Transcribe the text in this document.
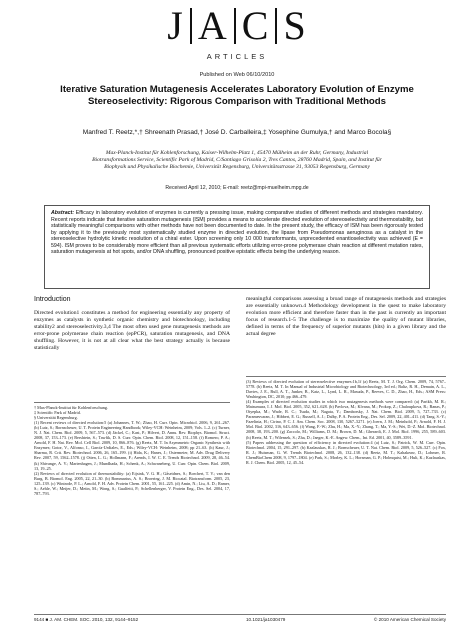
J A C S
ARTICLES
Published on Web 06/10/2010
Iterative Saturation Mutagenesis Accelerates Laboratory Evolution of Enzyme Stereoselectivity: Rigorous Comparison with Traditional Methods
Manfred T. Reetz,*,† Shreenath Prasad,† José D. Carballeira,‡ Yosephine Gumulya,† and Marco Bocola§
Max-Planck-Institut für Kohlenforschung, Kaiser-Wilhelm-Platz 1, 45470 Mülheim an der Ruhr, Germany, Industrial Biotransformations Service, Scientific Park of Madrid, C/Santiago Grisolía 2, Tres Cantos, 28760 Madrid, Spain, and Institut für Biophysik und Physikalische Biochemie, Universität Regensburg, Universitätsstrasse 31, 93053 Regensburg, Germany
Received April 12, 2010; E-mail: reetz@mpi-muelheim.mpg.de
Abstract: Efficacy in laboratory evolution of enzymes is currently a pressing issue, making comparative studies of different methods and strategies mandatory. Recent reports indicate that iterative saturation mutagenesis (ISM) provides a means to accelerate directed evolution of stereoselectivity and thermostability, but statistically meaningful comparisons with other methods have not been documented to date. In the present study, the efficacy of ISM has been rigorously tested by applying it to the previously most systematically studied enzyme in directed evolution, the lipase from Pseudomonas aeruginosa as a catalyst in the stereoselective hydrolytic kinetic resolution of a chiral ester. Upon screening only 10 000 transformants, unprecedented enantioselectivity was achieved (E = 594). ISM proves to be considerably more efficient than all previous systematic efforts utilizing error-prone polymerase chain reaction at different mutation rates, saturation mutagenesis at hot spots, and/or DNA shuffling, pronounced positive epistatic effects being the underlying reason.
Introduction
Directed evolution1 constitutes a method for engineering essentially any property of enzymes as catalysts in synthetic organic chemistry and biotechnology, including stability2 and stereoselectivity.3,4 The most often used gene mutagenesis methods are error-prone polymerase chain reaction (epPCR), saturation mutagenesis, and DNA shuffling. However, it is not at all clear what the best strategy actually is because statistically
meaningful comparisons assessing a broad range of mutagenesis methods and strategies are essentially unknown.4 Methodology development in the quest to make laboratory evolution more efficient and therefore faster than in the past is currently an important focus of research.1-5 The challenge is to maximize the quality of mutant libraries, defined in terms of the frequency of superior mutants (hits) in a given library and the actual degree
† Max-Planck-Institut für Kohlenforschung.
‡ Scientific Park of Madrid.
§ Universität Regensburg.
(1) Recent reviews of directed evolution:5 (a) Johannes, T. W.; Zhao, H. Curr. Opin. Microbiol. 2006, 9, 261–267. (b) Lutz, S.; Bornscheuer, U. T. Protein Engineering Handbook; Wiley-VCH: Weinheim, 2009; Vols. 1–2. (c) Turner, N. J. Nat. Chem. Biol. 2009, 5, 567–573. (d) Jäckel, C.; Kast, P.; Hilvert, D. Annu. Rev. Biophys. Biomol. Struct. 2008, 37, 153–173. (e) Bershtein, S.; Tawfik, D. S. Curr. Opin. Chem. Biol. 2008, 12, 151–158. (f) Romero, P. A.; Arnold, F. H. Nat. Rev. Mol. Cell Biol. 2009, 10, 866–876. (g) Reetz, M. T. In Asymmetric Organic Synthesis with Enzymes; Gotor, V., Alfonso, I., García-Urdiales, E., Eds.; Wiley-VCH: Weinheim, 2008; pp 21–63. (h) Kaur, J.; Sharma, R. Crit. Rev. Biotechnol. 2006, 26, 165–199. (i) Hida, K.; Hanes, J.; Ostermeier, M. Adv. Drug Delivery Rev. 2007, 59, 1562–1578. (j) Otten, L. G.; Hollmann, F.; Arends, I. W. C. E. Trends Biotechnol. 2009, 28, 46–54. (k) Shivange, A. V.; Marienhagen, J.; Mundhada, H.; Schenk, A.; Schwaneberg, U. Curr. Opin. Chem. Biol. 2009, 13, 19–25.
(2) Reviews of directed evolution of thermostability: (a) Eijsink, V. G. H.; Gåseidnes, S.; Borchert, T. V.; van den Burg, B. Biomol. Eng. 2005, 22, 21–30. (b) Bommarius, A. S.; Broering, J. M. Biocatal. Biotransform. 2005, 23, 125–139. (c) Wintrode, P. L.; Arnold, F. H. Adv. Protein Chem. 2001, 55, 161–225. (d) Amin, N.; Liu, A. D.; Ramer, S.; Aehle, W.; Meijer, D.; Metin, M.; Wong, S.; Gualfetti, P.; Schellenberger, V. Protein Eng., Des. Sel. 2004, 17, 787–793.
(3) Reviews of directed evolution of stereoselective enzymes:1b,1f (a) Reetz, M. T. J. Org. Chem. 2009, 74, 5767–5778. (b) Reetz, M. T. In Manual of Industrial Microbiology and Biotechnology, 3rd ed.; Baltz, R. H., Demain, A. L., Davies, J. E., Bull, A. T., Junker, B., Katz, L., Lynd, L. R., Masuda, P., Reeves, C. D., Zhao, H., Eds.; ASM Press: Washington, DC, 2010; pp 466–479.
(4) Examples of directed evolution studies in which two mutagenesis methods were compared: (a) Parikh, M. R.; Matsumura, I. J. Mol. Biol. 2005, 352, 621–628. (b) Pavlova, M.; Klvana, M.; Prokop, Z.; Chaloupkova, R.; Banas, P.; Otyepka, M.; Wade, R. C.; Tsuda, M.; Nagata, Y.; Damborsky, J. Nat. Chem. Biol. 2009, 5, 727–733. (c) Paramesvaran, J.; Hibbert, E. G.; Russell, A. J.; Dalby, P. A. Protein Eng., Des. Sel. 2009, 22, 401–411. (d) Tang, S.-Y.; Fazelinia, H.; Cirino, P. C. J. Am. Chem. Soc. 2008, 130, 5267–5271. (e) Joern, J. M.; Meinhold, P.; Arnold, F. H. J. Mol. Biol. 2002, 316, 643–656. (f) Wang, F.-W.; Zhu, H.; Ma, X.-Y.; Zhang, T.; Ma, Y.-S.; Wei, D.-Z. Mol. Biotechnol. 2008, 38, 193–200. (g) Zaccolo, M.; Williams, D. M.; Brown, D. M.; Gherardi, E. J. Mol. Biol. 1996, 255, 589–603. (h) Reetz, M. T.; Wilensek, S.; Zha, D.; Jaeger, K.-E. Angew. Chem., Int. Ed. 2001, 40, 3589–3591.
(5) Papers addressing the question of efficiency in directed evolution:4 (a) Lutz, S.; Patrick, W. M. Curr. Opin. Biotechnol. 2004, 15, 291–297. (b) Kazlauskas, R. J.; Bornscheuer, U. T. Nat. Chem. Biol. 2009, 5, 526–527. (c) Fox, R. J.; Huisman, G. W. Trends Biotechnol. 2008, 26, 132–138. (d) Reetz, M. T.; Kahakeaw, D.; Lohmer, R. ChemBioChem 2008, 9, 1797–1804. (e) Park, S.; Morley, K. L.; Horsman, G. P.; Holmquist, M.; Hult, K.; Kazlauskas, R. J. Chem. Biol. 2005, 12, 45–54.
9144 ■ J. AM. CHEM. SOC. 2010, 132, 9144–9152	10.1021/ja1030479	© 2010 American Chemical Society
